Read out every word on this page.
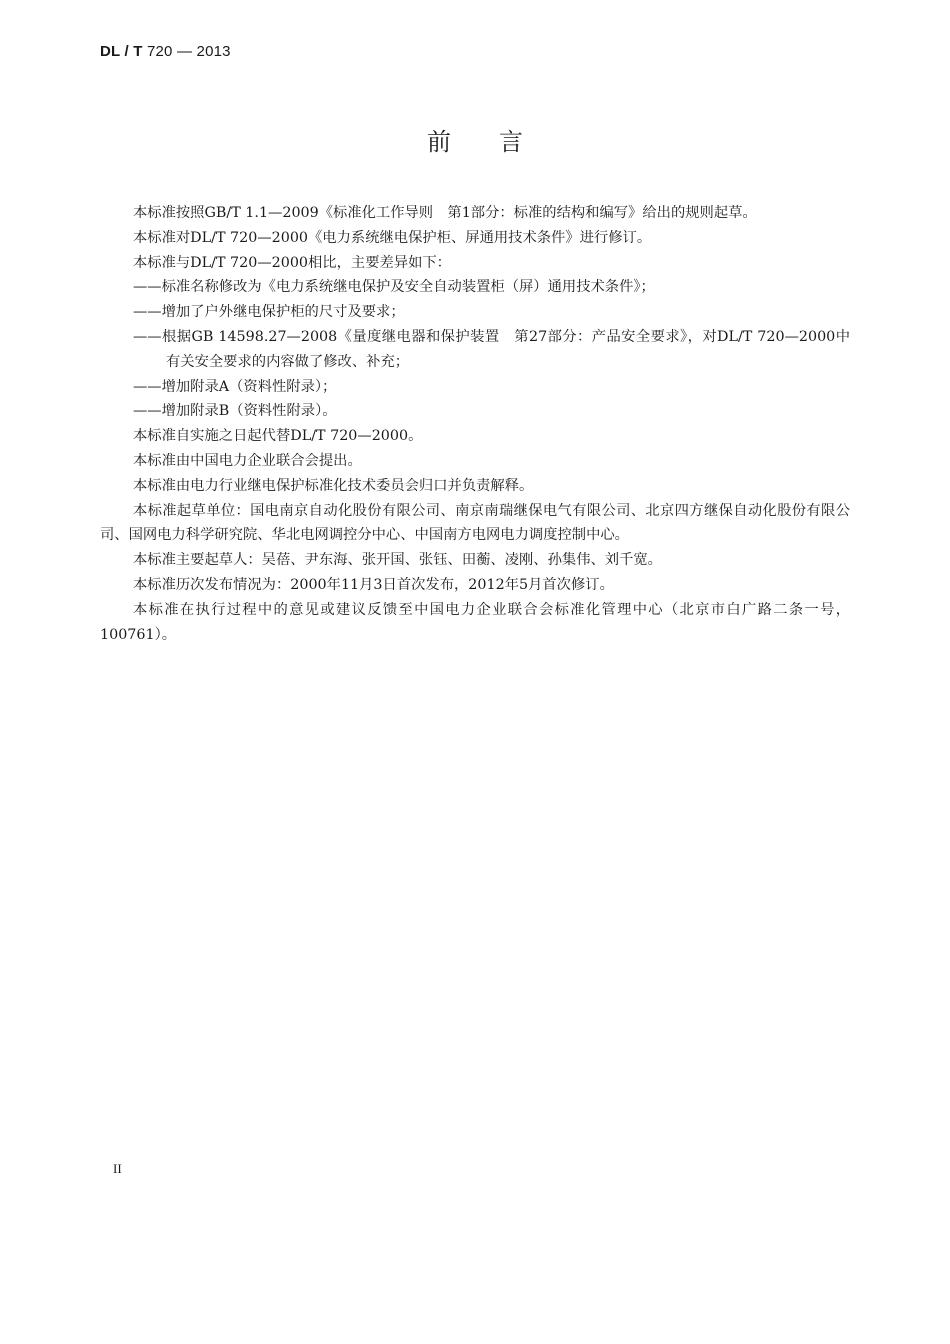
DL / T 720 — 2013
前言

本标准按照GB/T 1.1—2009《标准化工作导则　第1部分：标准的结构和编写》给出的规则起草。

本标准对DL/T 720—2000《电力系统继电保护柜、屏通用技术条件》进行修订。

本标准与DL/T 720—2000相比，主要差异如下：

——标准名称修改为《电力系统继电保护及安全自动装置柜（屏）通用技术条件》；

——增加了户外继电保护柜的尺寸及要求；

——根据GB 14598.27—2008《量度继电器和保护装置　第27部分：产品安全要求》，对DL/T 720—2000中有关安全要求的内容做了修改、补充；

——增加附录A（资料性附录）；

——增加附录B（资料性附录）。

本标准自实施之日起代替DL/T 720—2000。

本标准由中国电力企业联合会提出。

本标准由电力行业继电保护标准化技术委员会归口并负责解释。

本标准起草单位：国电南京自动化股份有限公司、南京南瑞继保电气有限公司、北京四方继保自动化股份有限公司、国网电力科学研究院、华北电网调控分中心、中国南方电网电力调度控制中心。

本标准主要起草人：吴蓓、尹东海、张开国、张钰、田蘅、凌刚、孙集伟、刘千宽。

本标准历次发布情况为：2000年11月3日首次发布，2012年5月首次修订。

本标准在执行过程中的意见或建议反馈至中国电力企业联合会标准化管理中心（北京市白广路二条一号，100761）。

II
